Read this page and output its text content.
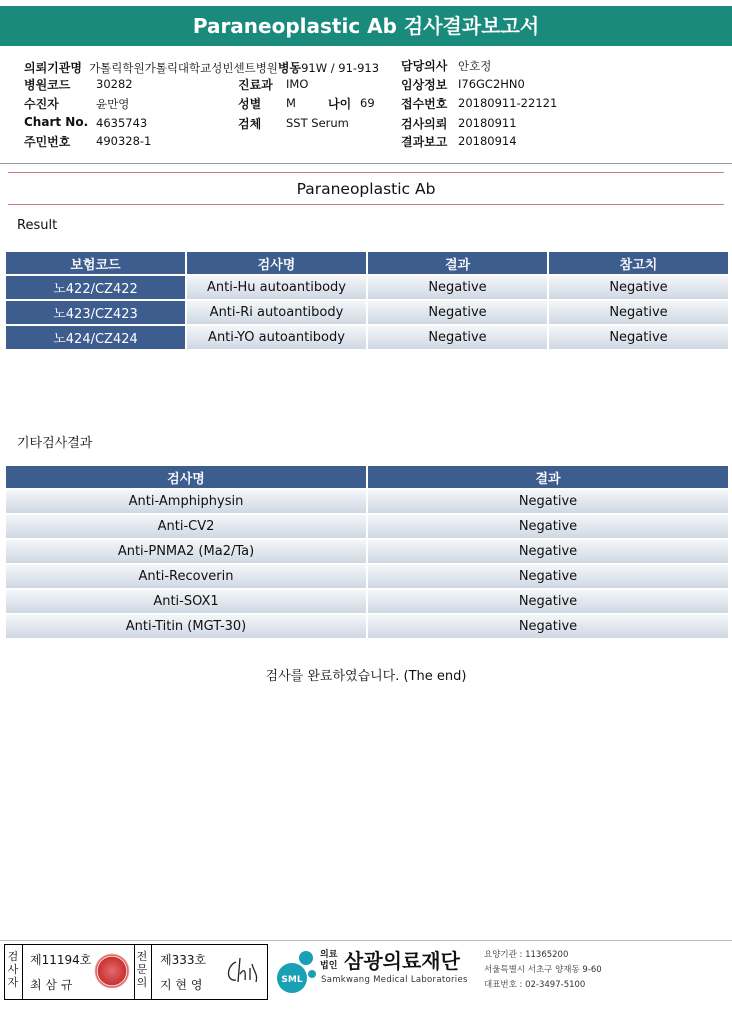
Paraneoplastic Ab 검사결과보고서
의뢰기관명 가톨릭학원가톨릭대학교성빈센트병원병동91W / 91-913
병원코드 30282
수진자	윤만영
Chart No. 4635743
주민번호 490328-1
진료과 IMO
성별 M	나이 69
검체 SST Serum
담당의사 안호정
임상정보 I76GC2HN0
접수번호 20180911-22121
검사의뢰 20180911
결과보고 20180914
Paraneoplastic Ab
Result
보험코드	검사명	결과	참고치
노422/CZ422	Anti-Hu autoantibody	Negative	Negative
노423/CZ423	Anti-Ri autoantibody	Negative	Negative
노424/CZ424	Anti-YO autoantibody	Negative	Negative
기타검사결과
검사명	결과
Anti-Amphiphysin	Negative
Anti-CV2	Negative
Anti-PNMA2 (Ma2/Ta)	Negative
Anti-Recoverin	Negative
Anti-SOX1	Negative
Anti-Titin (MGT-30)	Negative
검사를 완료하였습니다. (The end)
검사자
제11194호
최 삼 규
전문의
제333호
지 현 영	SML
의료법인 삼광의료재단
Samkwang Medical Laboratories
요양기관 : 11365200
서울특별시 서초구 양재동 9-60
대표번호 : 02-3497-5100
